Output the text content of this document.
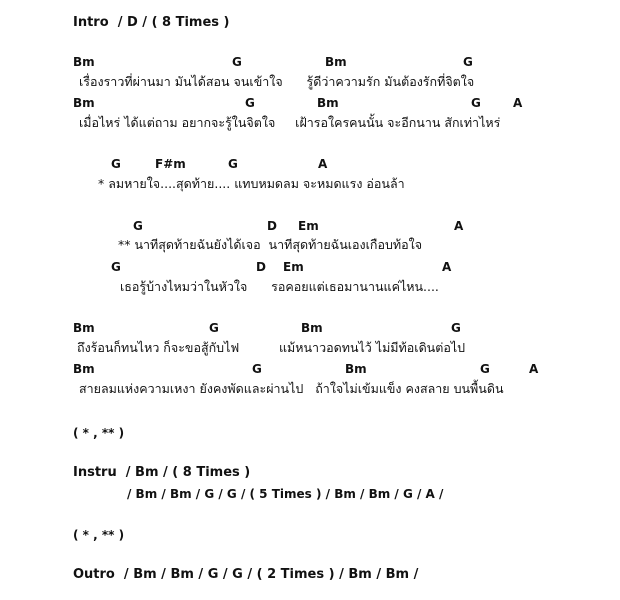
Intro  / D / ( 8 Times )
Bm	G	Bm	G
เรื่องราวที่ผ่านมา มันได้สอน จนเข้าใจ      รู้ดีว่าความรัก มันต้องรักที่จิตใจ
Bm	G	Bm	G	A
เมื่อไหร่ ได้แต่ถาม อยากจะรู้ในจิตใจ     เฝ้ารอใครคนนั้น จะอีกนาน สักเท่าไหร่
G	F#m	G	A
* ลมหายใจ....สุดท้าย.... แทบหมดลม จะหมดแรง อ่อนล้า
G	D Em	A
** นาทีสุดท้ายฉันยังได้เจอ  นาทีสุดท้ายฉันเองเกือบท้อใจ
G	D Em	A
เธอรู้บ้างไหมว่าในหัวใจ      รอคอยแต่เธอมานานแค่ไหน....
Bm	G	Bm	G
ถึงร้อนก็ทนไหว ก็จะขอสู้กับไฟ          แม้หนาวอดทนไว้ ไม่มีท้อเดินต่อไป
Bm	G	Bm	G	A
สายลมแห่งความเหงา ยังคงพัดและผ่านไป   ถ้าใจไม่เข้มแข็ง คงสลาย บนพื้นดิน
( * , ** )
Instru  / Bm / ( 8 Times )
/ Bm / Bm / G / G / ( 5 Times ) / Bm / Bm / G / A /
( * , ** )
Outro  / Bm / Bm / G / G / ( 2 Times ) / Bm / Bm /
